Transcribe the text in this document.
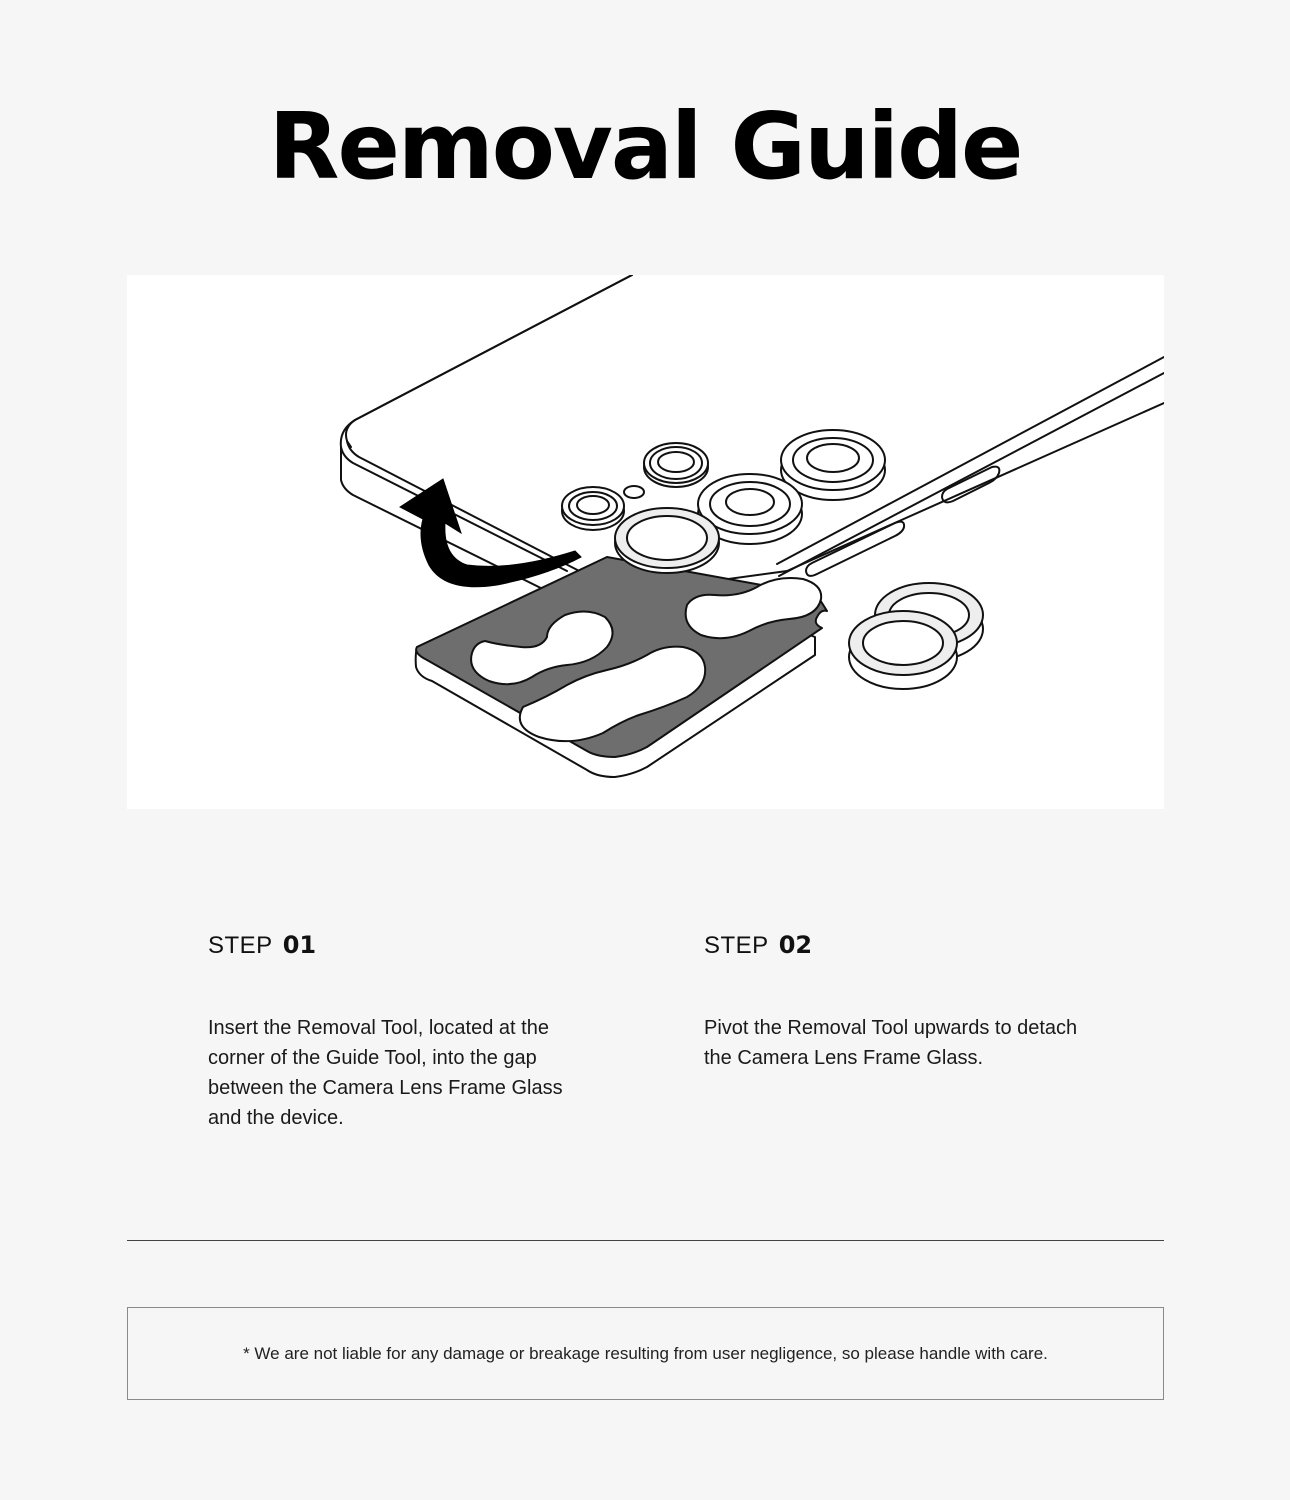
Removal Guide
STEP 01
Insert the Removal Tool, located at the corner of the Guide Tool, into the gap between the Camera Lens Frame Glass and the device.
STEP 02
Pivot the Removal Tool upwards to detach the Camera Lens Frame Glass.
* We are not liable for any damage or breakage resulting from user negligence, so please handle with care.
